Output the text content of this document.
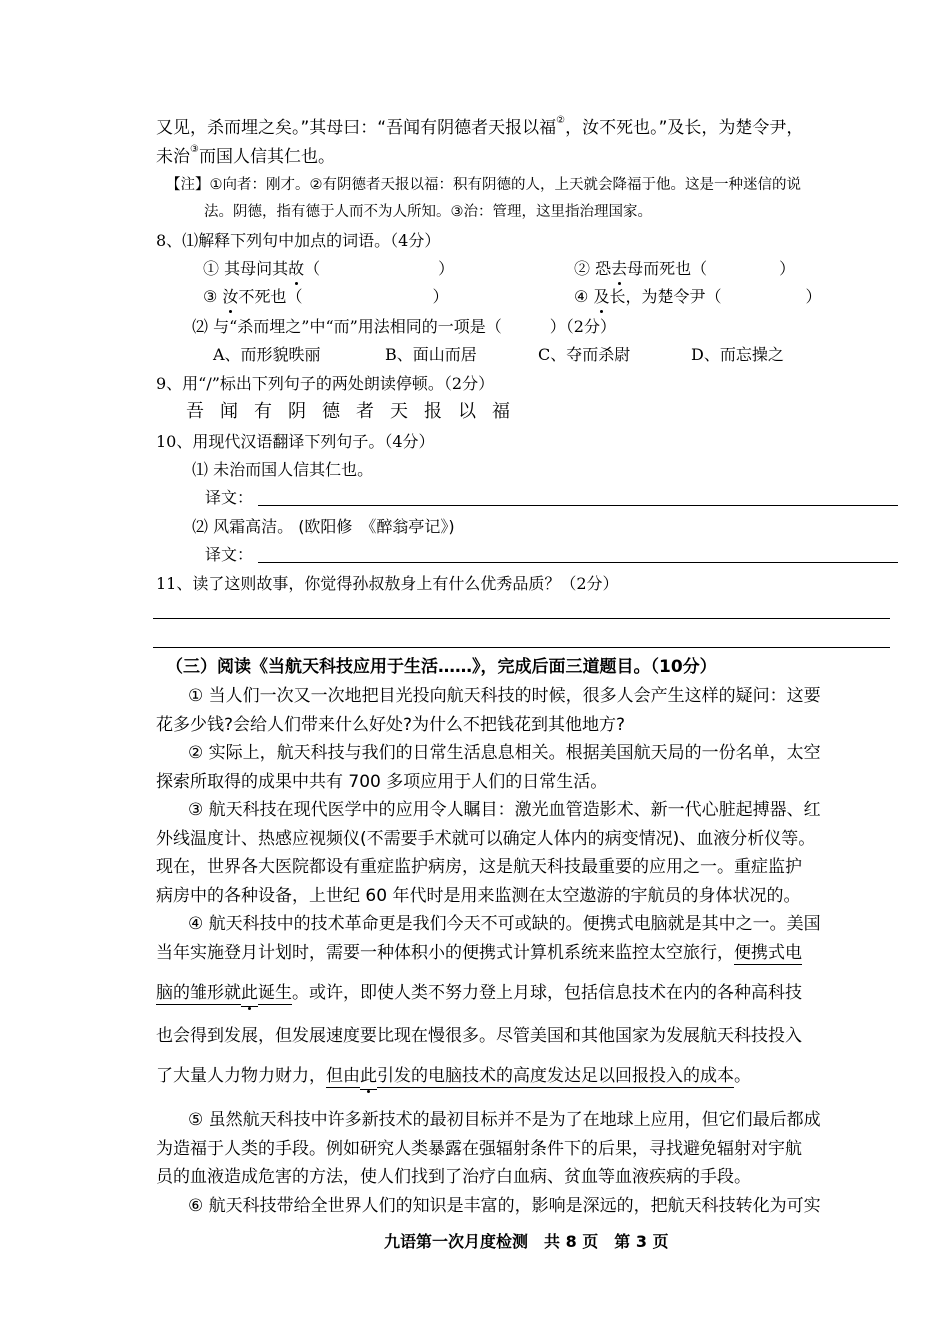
又见，杀而埋之矣。”其母曰：“吾闻有阴德者天报以福②，汝不死也。”及长，为楚令尹，
未治③而国人信其仁也。
【注】①向者：刚才。②有阴德者天报以福：积有阴德的人，上天就会降福于他。这是一种迷信的说
法。阴德，指有德于人而不为人所知。③治：管理，这里指治理国家。
8、⑴解释下列句中加点的词语。（4分）
① 其母问其故（	）	② 恐去母而死也（	）
③ 汝不死也（	）	④ 及长，为楚令尹（	）
⑵ 与“杀而埋之”中“而”用法相同的一项是（　　　）（2分）
A、而形貌昳丽	B、面山而居	C、夺而杀尉	D、而忘操之
9、用“/”标出下列句子的两处朗读停顿。（2分）
吾闻有阴德者天报以福
10、用现代汉语翻译下列句子。（4分）
⑴ 未治而国人信其仁也。
译文：
⑵ 风霜高洁。 (欧阳修　《醉翁亭记》)
译文：
11、读了这则故事，你觉得孙叔敖身上有什么优秀品质？（2分）
（三）阅读《当航天科技应用于生活……》，完成后面三道题目。（10分）
① 当人们一次又一次地把目光投向航天科技的时候，很多人会产生这样的疑问：这要
花多少钱?会给人们带来什么好处?为什么不把钱花到其他地方?
② 实际上，航天科技与我们的日常生活息息相关。根据美国航天局的一份名单，太空
探索所取得的成果中共有 700 多项应用于人们的日常生活。
③ 航天科技在现代医学中的应用令人瞩目：激光血管造影术、新一代心脏起搏器、红
外线温度计、热感应视频仪(不需要手术就可以确定人体内的病变情况)、血液分析仪等。
现在，世界各大医院都设有重症监护病房，这是航天科技最重要的应用之一。重症监护
病房中的各种设备，上世纪 60 年代时是用来监测在太空遨游的宇航员的身体状况的。
④ 航天科技中的技术革命更是我们今天不可或缺的。便携式电脑就是其中之一。美国
当年实施登月计划时，需要一种体积小的便携式计算机系统来监控太空旅行，便携式电
脑的雏形就此诞生。或许，即使人类不努力登上月球，包括信息技术在内的各种高科技
也会得到发展，但发展速度要比现在慢很多。尽管美国和其他国家为发展航天科技投入
了大量人力物力财力，但由此引发的电脑技术的高度发达足以回报投入的成本。
⑤ 虽然航天科技中许多新技术的最初目标并不是为了在地球上应用，但它们最后都成
为造福于人类的手段。例如研究人类暴露在强辐射条件下的后果，寻找避免辐射对宇航
员的血液造成危害的方法，使人们找到了治疗白血病、贫血等血液疾病的手段。
⑥ 航天科技带给全世界人们的知识是丰富的，影响是深远的，把航天科技转化为可实
九语第一次月度检测　共 8 页　第 3 页
